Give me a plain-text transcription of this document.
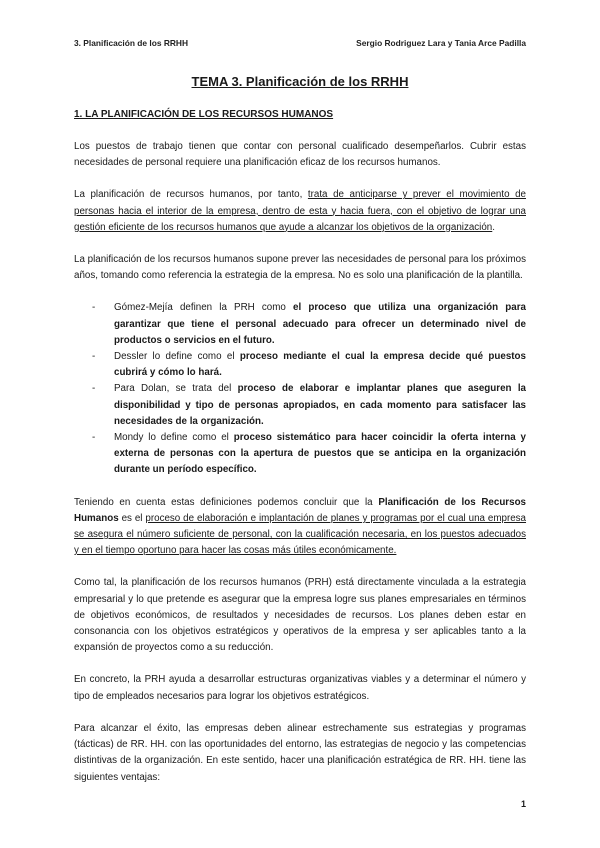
3. Planificación de los RRHH	Sergio Rodriguez Lara y Tania Arce Padilla
TEMA 3. Planificación de los RRHH
1. LA PLANIFICACIÓN DE LOS RECURSOS HUMANOS

Los puestos de trabajo tienen que contar con personal cualificado desempeñarlos. Cubrir estas necesidades de personal requiere una planificación eficaz de los recursos humanos.

La planificación de recursos humanos, por tanto, trata de anticiparse y prever el movimiento de personas hacia el interior de la empresa, dentro de esta y hacia fuera, con el objetivo de lograr una gestión eficiente de los recursos humanos que ayude a alcanzar los objetivos de la organización.

La planificación de los recursos humanos supone prever las necesidades de personal para los próximos años, tomando como referencia la estrategia de la empresa. No es solo una planificación de la plantilla.

- Gómez-Mejía definen la PRH como el proceso que utiliza una organización para garantizar que tiene el personal adecuado para ofrecer un determinado nivel de productos o servicios en el futuro.
- Dessler lo define como el proceso mediante el cual la empresa decide qué puestos cubrirá y cómo lo hará.
- Para Dolan, se trata del proceso de elaborar e implantar planes que aseguren la disponibilidad y tipo de personas apropiados, en cada momento para satisfacer las necesidades de la organización.
- Mondy lo define como el proceso sistemático para hacer coincidir la oferta interna y externa de personas con la apertura de puestos que se anticipa en la organización durante un período específico.

Teniendo en cuenta estas definiciones podemos concluir que la Planificación de los Recursos Humanos es el proceso de elaboración e implantación de planes y programas por el cual una empresa se asegura el número suficiente de personal, con la cualificación necesaria, en los puestos adecuados y en el tiempo oportuno para hacer las cosas más útiles económicamente.

Como tal, la planificación de los recursos humanos (PRH) está directamente vinculada a la estrategia empresarial y lo que pretende es asegurar que la empresa logre sus planes empresariales en términos de objetivos económicos, de resultados y necesidades de recursos. Los planes deben estar en consonancia con los objetivos estratégicos y operativos de la empresa y ser aplicables tanto a la expansión de proyectos como a su reducción.

En concreto, la PRH ayuda a desarrollar estructuras organizativas viables y a determinar el número y tipo de empleados necesarios para lograr los objetivos estratégicos.

Para alcanzar el éxito, las empresas deben alinear estrechamente sus estrategias y programas (tácticas) de RR. HH. con las oportunidades del entorno, las estrategias de negocio y las competencias distintivas de la organización. En este sentido, hacer una planificación estratégica de RR. HH. tiene las siguientes ventajas:

1
